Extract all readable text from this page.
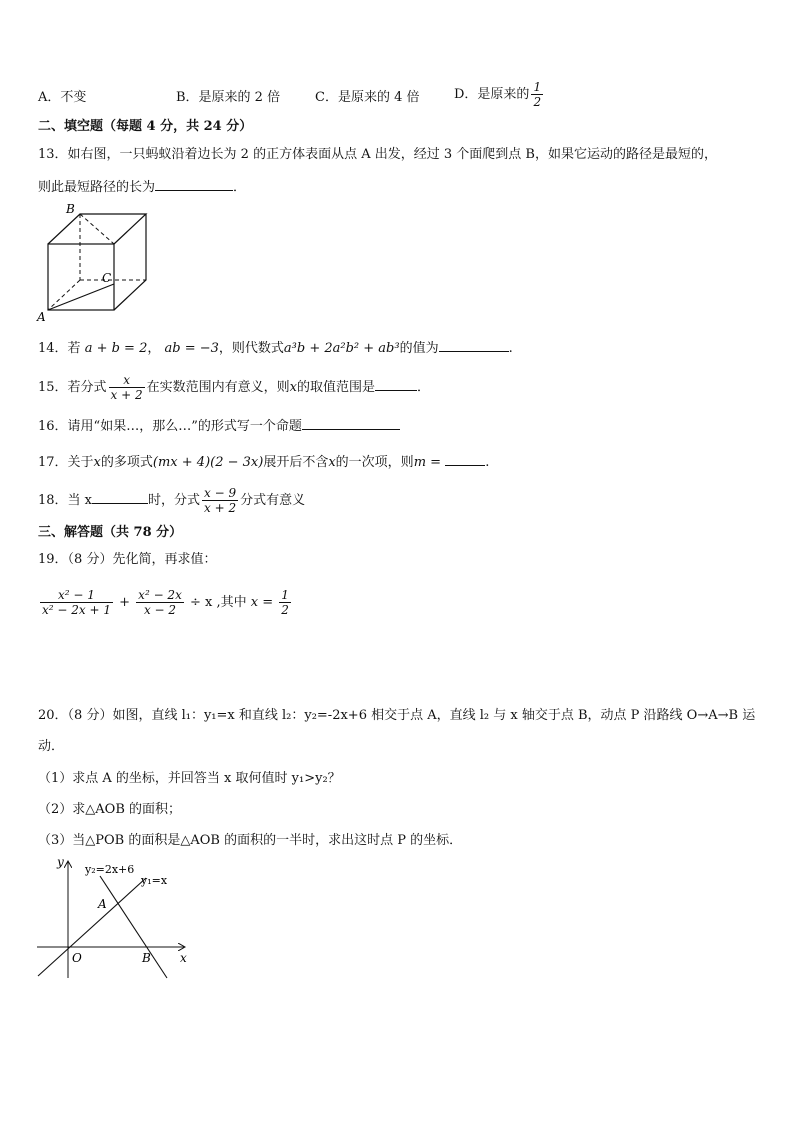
A．不变	B．是原来的 2 倍	C．是原来的 4 倍	D．是原来的 $\frac{1}{2}$
二、填空题（每题 4 分，共 24 分）
13．如右图，一只蚂蚁沿着边长为 2 的正方体表面从点 A 出发，经过 3 个面爬到点 B，如果它运动的路径是最短的，
则此最短路径的长为	．
B
C
A
14．若 a + b = 2， ab = −3，则代数式a³b + 2a²b² + ab³的值为	.
15．若分式 $\frac{x}{x + 2}$ 在实数范围内有意义，则x的取值范围是	．
16．请用“如果…，那么…”的形式写一个命题
17．关于x的多项式(mx + 4)(2 − 3x)展开后不含x的一次项，则m =	.
18．当 x	时，分式 $\frac{x - 9}{x + 2}$ 分式有意义
三、解答题（共 78 分）
19．（8 分）先化简，再求值：
$\frac{\text{x² − 1}}{\text{x² − 2x + 1}} + \frac{\text{x² − 2x}}{x - 2} \div x$ ,其中 $x = \frac{1}{2}$
20．（8 分）如图，直线 l₁：y₁=x 和直线 l₂：y₂=-2x+6 相交于点 A，直线 l₂ 与 x 轴交于点 B，动点 P 沿路线 O→A→B 运
动．
（1）求点 A 的坐标，并回答当 x 取何值时 y₁>y₂？
（2）求△AOB 的面积；
（3）当△POB 的面积是△AOB 的面积的一半时，求出这时点 P 的坐标．
y
x
O
A
B
y₂=2x+6
y₁=x
